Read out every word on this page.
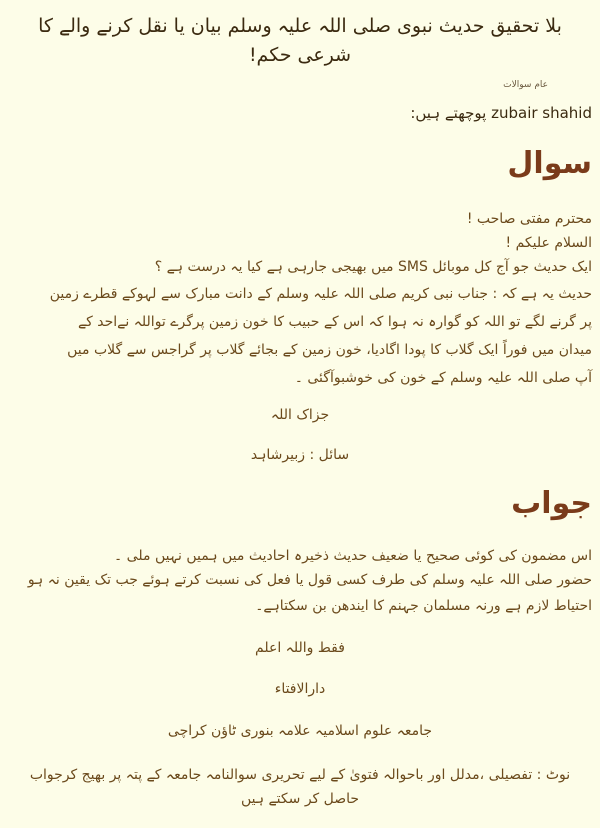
بلا تحقیق حدیث نبوی صلی اللہ علیہ وسلم بیان یا نقل کرنے والے کا شرعی حکم!
عام سوالات
zubair shahid پوچھتے ہیں:
سوال
محترم مفتی صاحب !
السلام علیکم !
ایک حدیث جو آج کل موبائل SMS میں بھیجی جارہی ہے کیا یہ درست ہے ؟
حدیث یہ ہے کہ : جناب نبی کریم صلی اللہ علیہ وسلم کے دانت مبارک سے لہوکے قطرے زمین
پر گرنے لگے تو اللہ کو گوارہ نہ ہوا کہ اس کے حبیب کا خون زمین پرگرے تواللہ نےاحد کے
میدان میں فوراً ایک گلاب کا پودا اگادیا، خون زمین کے بجائے گلاب پر گراجس سے گلاب میں
آپ صلی اللہ علیہ وسلم کے خون کی خوشبوآگئی ۔
جزاک اللہ
سائل : زبیرشاہد
جواب
اس مضمون کی کوئی صحیح یا ضعیف حدیث ذخیرہ احادیث میں ہمیں نہیں ملی ۔
حضور صلی اللہ علیہ وسلم کی طرف کسی قول یا فعل کی نسبت کرتے ہوئے جب تک یقین نہ ہو
احتیاط لازم ہے ورنہ مسلمان جہنم کا ایندھن بن سکتاہے۔
فقط واللہ اعلم
دارالافتاء
جامعہ علوم اسلامیہ علامہ بنوری ٹاؤن کراچی
نوٹ : تفصیلی ،مدلل اور باحوالہ فتویٰ کے لیے تحریری سوالنامہ جامعہ کے پتہ پر بھیج کرجواب
حاصل کر سکتے ہیں
